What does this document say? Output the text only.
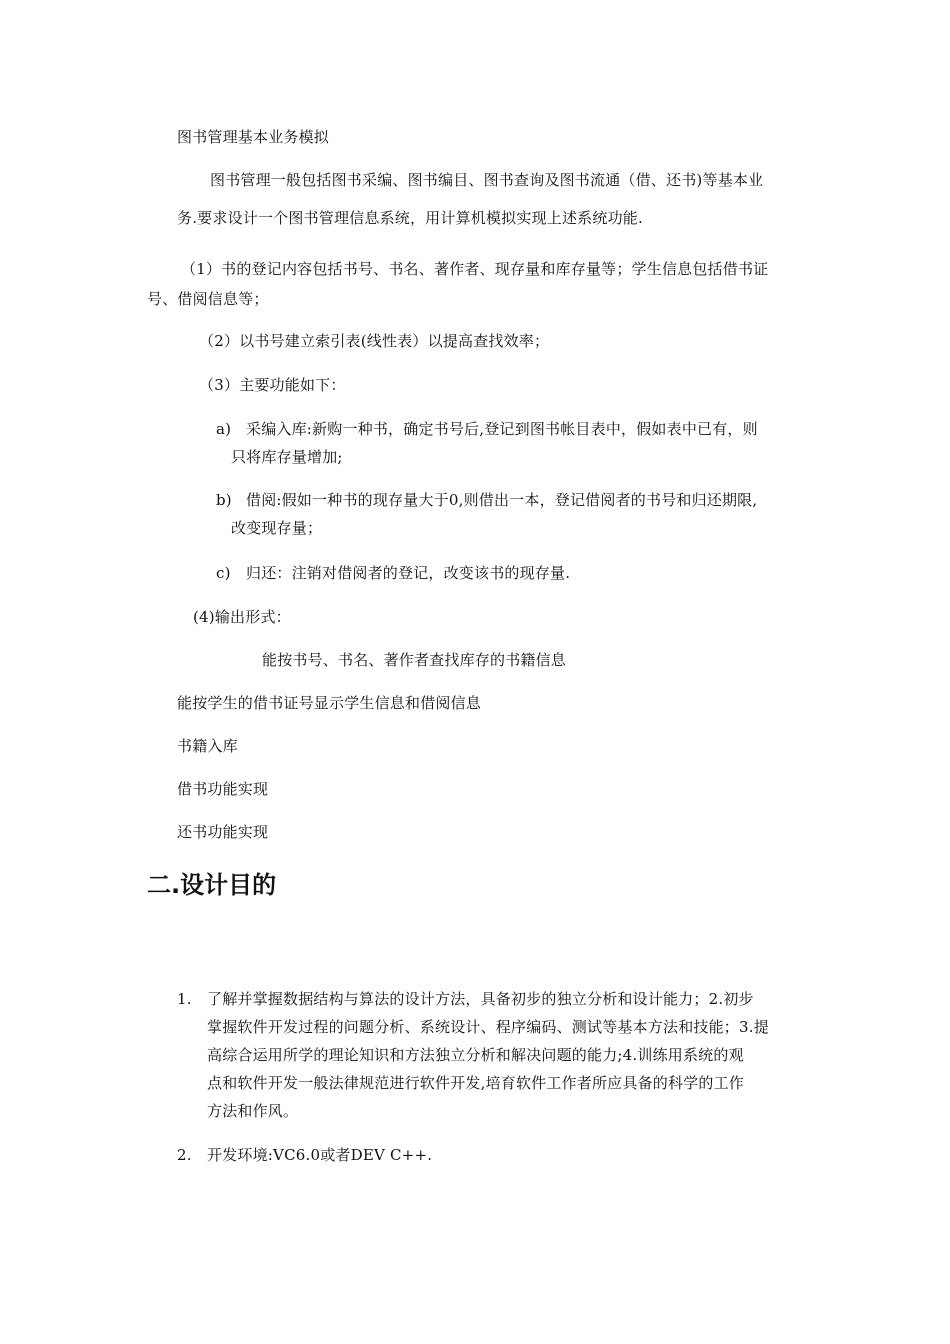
图书管理基本业务模拟
图书管理一般包括图书采编、图书编目、图书查询及图书流通（借、还书)等基本业
务.要求设计一个图书管理信息系统，用计算机模拟实现上述系统功能.
（1）书的登记内容包括书号、书名、著作者、现存量和库存量等；学生信息包括借书证
号、借阅信息等；
（2）以书号建立索引表(线性表）以提高查找效率；
（3）主要功能如下：
a) 采编入库:新购一种书，确定书号后,登记到图书帐目表中，假如表中已有，则
只将库存量增加;
b) 借阅:假如一种书的现存量大于0,则借出一本，登记借阅者的书号和归还期限,
改变现存量；
c) 归还：注销对借阅者的登记，改变该书的现存量.
(4)输出形式：
能按书号、书名、著作者查找库存的书籍信息
能按学生的借书证号显示学生信息和借阅信息
书籍入库
借书功能实现
还书功能实现
二.设计目的
1. 了解并掌握数据结构与算法的设计方法，具备初步的独立分析和设计能力；2.初步
掌握软件开发过程的问题分析、系统设计、程序编码、测试等基本方法和技能；3.提
高综合运用所学的理论知识和方法独立分析和解决问题的能力;4.训练用系统的观
点和软件开发一般法律规范进行软件开发,培育软件工作者所应具备的科学的工作
方法和作风。
2. 开发环境:VC6.0或者DEV C++.
